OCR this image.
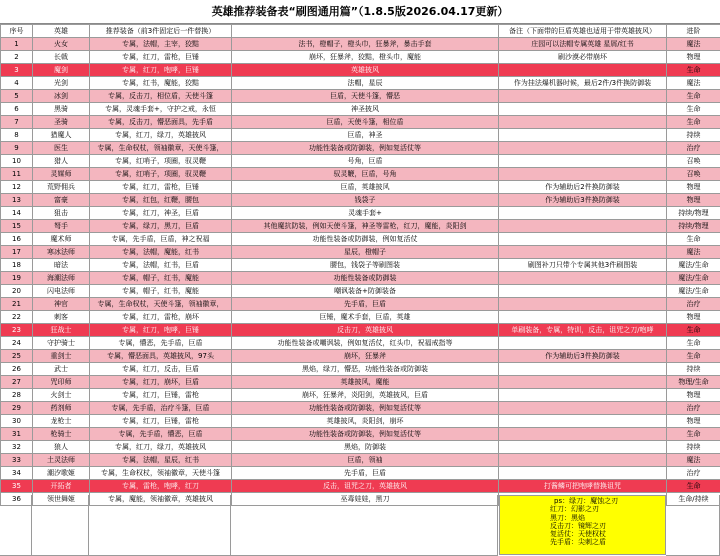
英雄推荐装备表“刷图通用篇”（1.8.5版2026.04.17更新）
序号	英雄	推荐装备（前3件固定后一件替换）		备注（下面带的巨盾英雄也适用于带英雄披风）	进阶
1	火女	专属，法帽，主宰，狡黠	法书，橙帽子，橙头巾，狂暴斧，暴击手套	庄园可以法帽专属英雄 星屑/红书	魔法
2	长戟	专属，红刀，雷枪，巨锤	崩坏，狂暴斧，狡黠，橙头巾，魔能	刷沙漠必带崩坏	物理
3	魔剑	专属，红刀，咆哮，巨锤	英雄披风		生命
4	光剑	专属，红书，魔能，狡黠	法帽，星辰	作为挂法爆机器时候，最后2件/3件换防御装	魔法
5	冰剑	专属，反击刀，相位盾，天使斗篷	巨盾，天使斗篷，懵恶		生命
6	黑骑	专属，灵魂手套+，守护之戒，永恒	神圣披风		生命
7	圣骑	专属，反击刀，懵恶面具，先手盾	巨盾，天使斗篷，相位盾		生命
8	猎魔人	专属，红刀，绿刀，英雄披风	巨盾，神圣		持续
9	医生	专属，生命权杖，领袖徽章，天使斗篷，	功能性装备或防御装，例如复活仗等		治疗
10	猎人	专属，红哨子，项圈，驭灵鞭	号角，巨盾		召唤
11	灵媒师	专属，红哨子，项圈，驭灵鞭	驭灵鞭，巨盾，号角		召唤
12	荒野佣兵	专属，红刀，雷枪，巨锤	巨盾，英雄披风	作为辅助后2件换防御装	物理
13	富豪	专属，红包，红鞭，腰包	钱袋子	作为辅助后3件换防御装	物理
14	狙击	专属，红刀，神圣，巨盾	灵魂手套+		持续/物理
15	弩手	专属，绿刀，黑刀，巨盾	其他魔抗防装，例如天使斗篷，神圣等雷枪，红刀，魔能，炎阳剑		持续/物理
16	魔术师	专属，先手盾，巨盾，神之祝福	功能性装备或防御装，例如复活仗		生命
17	寒冰法师	专属，法帽，魔能，红书	星辰，橙帽子		魔法
18	暗法	专属，法帽，红书，巨盾	腰包，钱袋子等刷图装	刷图补刀只带个专属其他3件刷图装	魔法/生命
19	海潮法师	专属，帽子，红书，魔能	功能性装备或防御装		魔法/生命
20	闪电法师	专属，帽子，红书，魔能	嘲讽装备+防御装备		魔法/生命
21	神官	专属，生命权杖，天使斗篷，领袖徽章，	先手盾，巨盾		治疗
22	刺客	专属，红刀，雷枪，崩坏	巨锤，魔术手套，巨盾，英雄		物理
23	狂战士	专属，红刀，咆哮，巨锤	反击刀，英雄披风	单刷装备，专属，特训，反击，诅咒之刀/咆哮	生命
24	守护骑士	专属，懵恶，先手盾，巨盾	功能性装备或嘲讽装，例如复活仗，红头巾，祝福戒指等		生命
25	重剑士	专属，懵恶面具，英雄披风，97头	崩坏，狂暴斧	作为辅助后3件换防御装	生命
26	武士	专属，红刀，反击，巨盾	黑焰，绿刀，懵恶，功能性装备或防御装		持续
27	咒印师	专属，红刀，崩坏，巨盾	英雄披风，魔能		物理/生命
28	火剑士	专属，红刀，巨锤，雷枪	崩坏，狂暴斧，炎阳剑，英雄披风，巨盾		物理
29	药剂师	专属，先手盾，治疗斗篷，巨盾	功能性装备或防御装，例如复活仗等		治疗
30	龙枪士	专属，红刀，巨锤，雷枪	英雄披风，炎阳剑，崩坏		物理
31	枪骑士	专属，先手盾，懵恶，巨盾	功能性装备或防御装，例如复活仗等		生命
32	狼人	专属，红刀，绿刀，英雄披风	黑焰，防御装		持续
33	土灵法师	专属，法帽，星辰，红书	巨盾，领袖		魔法
34	潮汐歌姬	专属，生命权杖，领袖徽章，天使斗篷	先手盾，巨盾		治疗
35	开拓者	专属，雷枪，咆哮，红刀	反击，诅咒之刀，英雄披风	打酱鳞可把咆哮替换诅咒	生命
36	领世舞姬	专属，魔能，领袖徽章，英雄披风	巫毒娃娃，黑刀		生命/持续
ps：绿刀：魔蚀之刃
红刀：幻影之刃
黑刀：黑焰
反击刀：镜辉之刃
复活仗：天使权杖
先手盾：尖刺之盾
